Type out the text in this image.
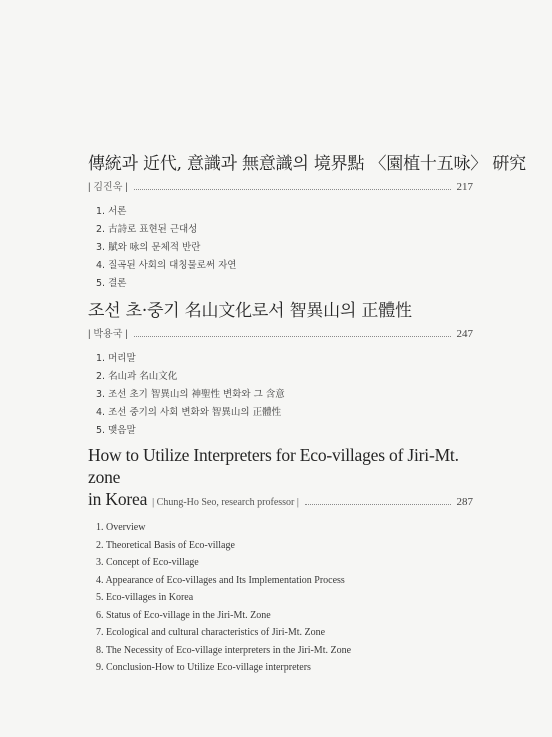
傳統과 近代, 意識과 無意識의 境界點 〈園植十五咏〉 硏究
| 김진욱 |	217
1. 서론
2. 古詩로 표현된 근대성
3. 賦와 咏의 문체적 반란
4. 질곡된 사회의 대칭물로써 자연
5. 결론
조선 초·중기 名山文化로서 智異山의 正體性
| 박용국 |	247
1. 머리말
2. 名山과 名山文化
3. 조선 초기 智異山의 神聖性 변화와 그 含意
4. 조선 중기의 사회 변화와 智異山의 正體性
5. 맺음말
How to Utilize Interpreters for Eco-villages of Jiri-Mt. zone
in Korea | Chung-Ho Seo, research professor |	287
1. Overview
2. Theoretical Basis of Eco-village
3. Concept of Eco-village
4. Appearance of Eco-villages and Its Implementation Process
5. Eco-villages in Korea
6. Status of Eco-village in the Jiri-Mt. Zone
7. Ecological and cultural characteristics of Jiri-Mt. Zone
8. The Necessity of Eco-village interpreters in the Jiri-Mt. Zone
9. Conclusion-How to Utilize Eco-village interpreters
